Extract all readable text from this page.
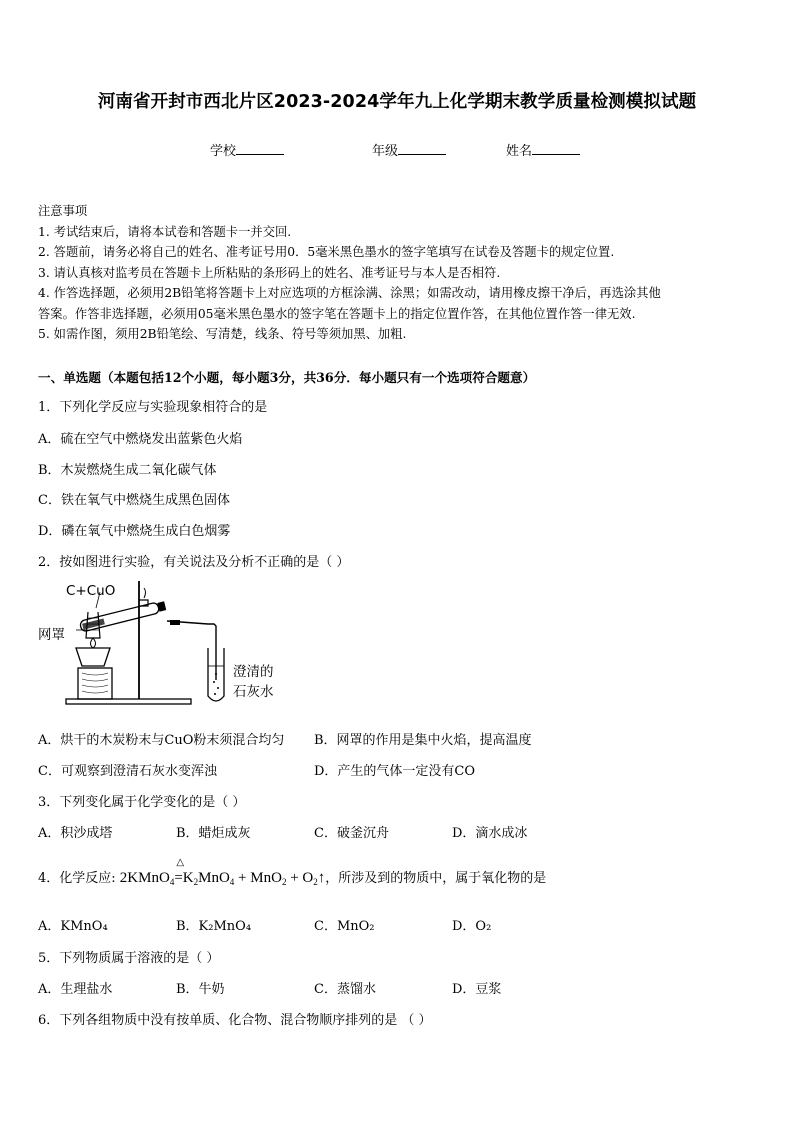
河南省开封市西北片区2023-2024学年九上化学期末教学质量检测模拟试题
学校	年级	姓名

注意事项

1. 考试结束后，请将本试卷和答题卡一并交回.

2. 答题前，请务必将自己的姓名、准考证号用0．5毫米黑色墨水的签字笔填写在试卷及答题卡的规定位置.

3. 请认真核对监考员在答题卡上所粘贴的条形码上的姓名、准考证号与本人是否相符.

4. 作答选择题，必须用2B铅笔将答题卡上对应选项的方框涂满、涂黑；如需改动，请用橡皮擦干净后，再选涂其他

答案。作答非选择题，必须用05毫米黑色墨水的签字笔在答题卡上的指定位置作答，在其他位置作答一律无效.

5. 如需作图，须用2B铅笔绘、写清楚，线条、符号等须加黑、加粗.

一、单选题（本题包括12个小题，每小题3分，共36分．每小题只有一个选项符合题意）
1．下列化学反应与实验现象相符合的是
A．硫在空气中燃烧发出蓝紫色火焰
B．木炭燃烧生成二氧化碳气体
C．铁在氧气中燃烧生成黑色固体
D．磷在氧气中燃烧生成白色烟雾
2．按如图进行实验，有关说法及分析不正确的是（ ）
C+CuO
网罩
澄清的
石灰水
A．烘干的木炭粉末与CuO粉末须混合均匀 B．网罩的作用是集中火焰，提高温度
C．可观察到澄清石灰水变浑浊	D．产生的气体一定没有CO
3．下列变化属于化学变化的是（ ）
A．积沙成塔	B．蜡炬成灰	C．破釜沉舟	D．滴水成冰
4．化学反应: 2KMnO$_4$
△
$=K_2MnO_4 + MnO_2$ + $O_2↑$，所涉及到的物质中，属于氧化物的是
A．KMnO₄	B．K₂MnO₄	C．MnO₂	D．O₂
5．下列物质属于溶液的是（ ）
A．生理盐水	B．牛奶	C．蒸馏水	D．豆浆
6．下列各组物质中没有按单质、化合物、混合物顺序排列的是 （ ）
